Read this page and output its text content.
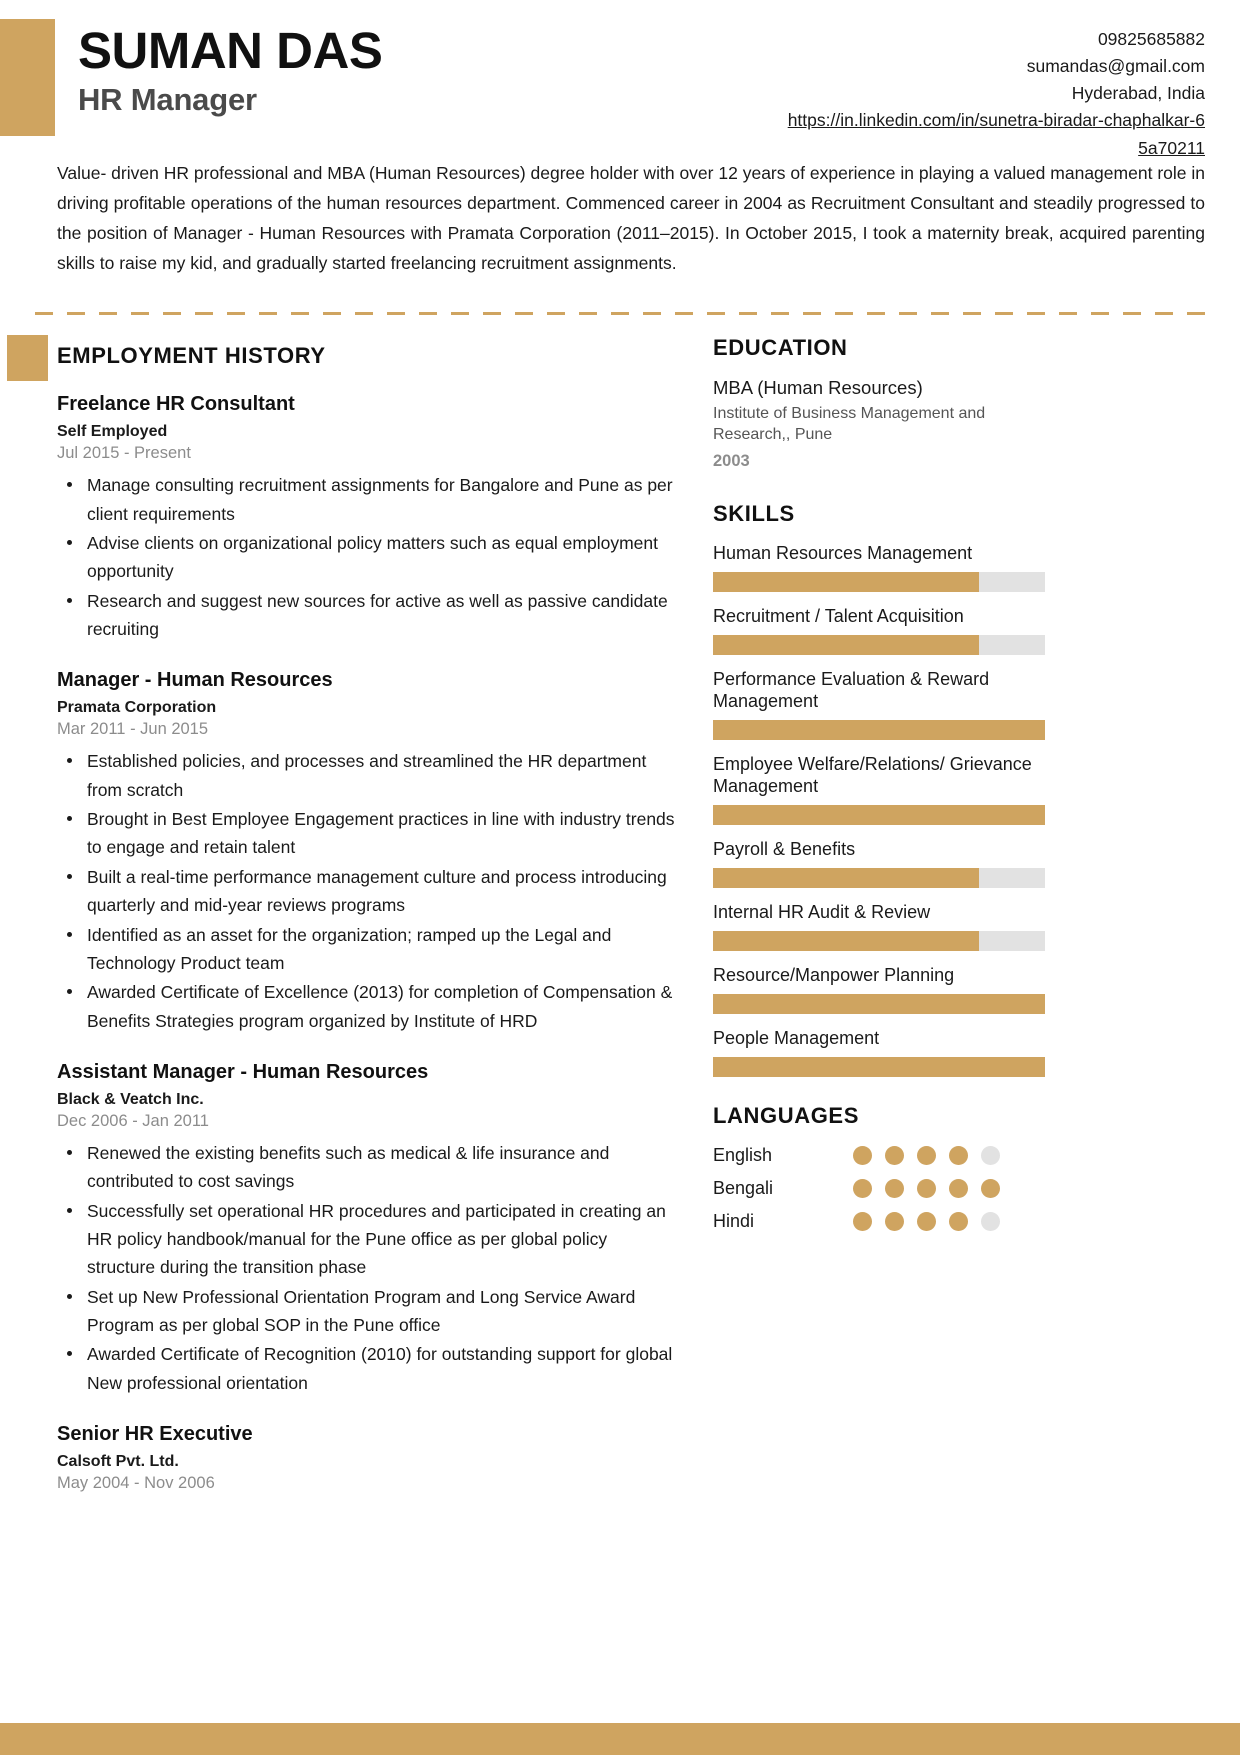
SUMAN DAS
HR Manager
09825685882
sumandas@gmail.com
Hyderabad, India
https://in.linkedin.com/in/sunetra-biradar-chaphalkar-65a70211
Value- driven HR professional and MBA (Human Resources) degree holder with over 12 years of experience in playing a valued management role in driving profitable operations of the human resources department. Commenced career in 2004 as Recruitment Consultant and steadily progressed to the position of Manager - Human Resources with Pramata Corporation (2011–2015). In October 2015, I took a maternity break, acquired parenting skills to raise my kid, and gradually started freelancing recruitment assignments.
EMPLOYMENT HISTORY
Freelance HR Consultant
Self Employed
Jul 2015 - Present
Manage consulting recruitment assignments for Bangalore and Pune as per client requirements
Advise clients on organizational policy matters such as equal employment opportunity
Research and suggest new sources for active as well as passive candidate recruiting
Manager - Human Resources
Pramata Corporation
Mar 2011 - Jun 2015
Established policies, and processes and streamlined the HR department from scratch
Brought in Best Employee Engagement practices in line with industry trends to engage and retain talent
Built a real-time performance management culture and process introducing quarterly and mid-year reviews programs
Identified as an asset for the organization; ramped up the Legal and Technology Product team
Awarded Certificate of Excellence (2013) for completion of Compensation & Benefits Strategies program organized by Institute of HRD
Assistant Manager - Human Resources
Black & Veatch Inc.
Dec 2006 - Jan 2011
Renewed the existing benefits such as medical & life insurance and contributed to cost savings
Successfully set operational HR procedures and participated in creating an HR policy handbook/manual for the Pune office as per global policy structure during the transition phase
Set up New Professional Orientation Program and Long Service Award Program as per global SOP in the Pune office
Awarded Certificate of Recognition (2010) for outstanding support for global New professional orientation
Senior HR Executive
Calsoft Pvt. Ltd.
May 2004 - Nov 2006
EDUCATION
MBA (Human Resources)
Institute of Business Management and Research,, Pune
2003
SKILLS
Human Resources Management
Recruitment / Talent Acquisition
Performance Evaluation & Reward Management
Employee Welfare/Relations/ Grievance Management
Payroll & Benefits
Internal HR Audit & Review
Resource/Manpower Planning
People Management
LANGUAGES
English
Bengali
Hindi
